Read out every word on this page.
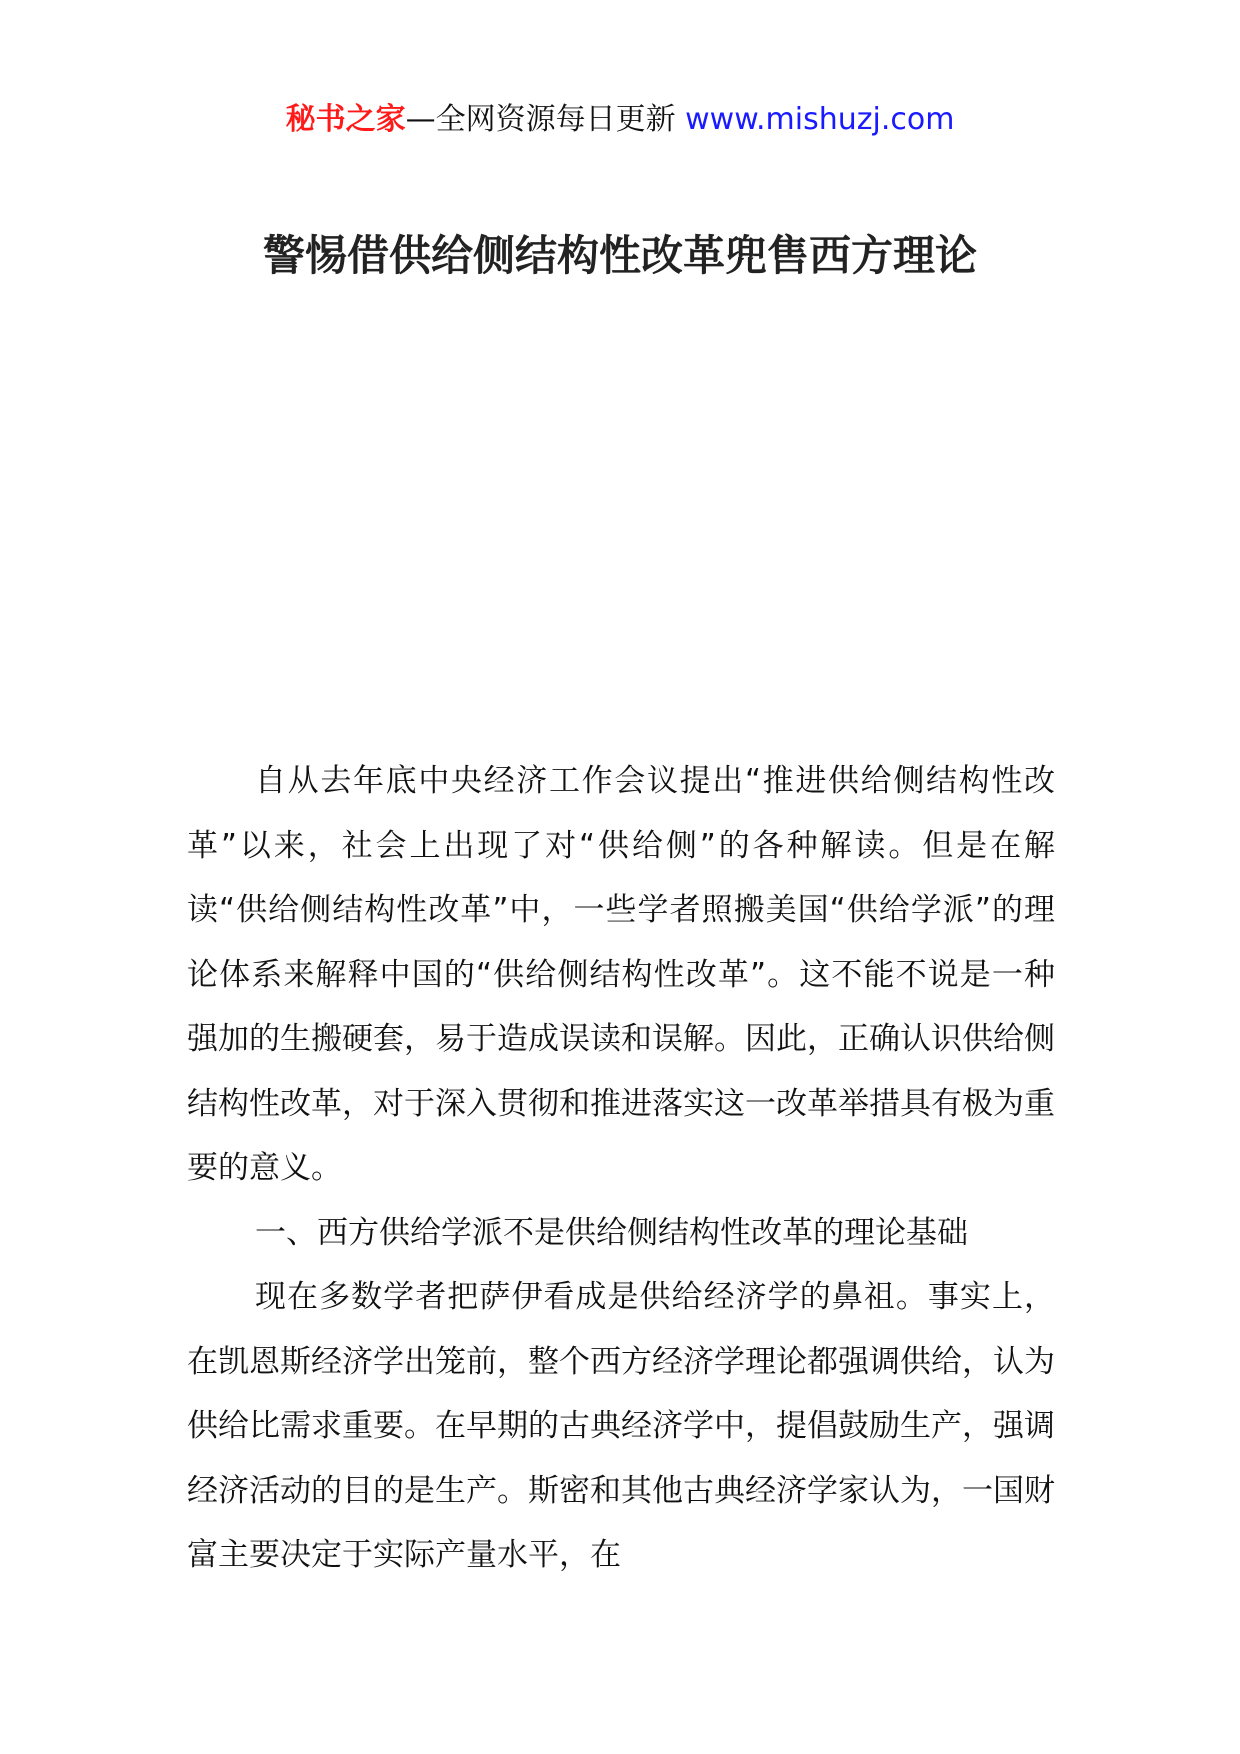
秘书之家—全网资源每日更新 www.mishuzj.com
警惕借供给侧结构性改革兜售西方理论

自从去年底中央经济工作会议提出“推进供给侧结构性改革”以来，社会上出现了对“供给侧”的各种解读。但是在解读“供给侧结构性改革”中，一些学者照搬美国“供给学派”的理论体系来解释中国的“供给侧结构性改革”。这不能不说是一种强加的生搬硬套，易于造成误读和误解。因此，正确认识供给侧结构性改革，对于深入贯彻和推进落实这一改革举措具有极为重要的意义。

一、西方供给学派不是供给侧结构性改革的理论基础

现在多数学者把萨伊看成是供给经济学的鼻祖。事实上，在凯恩斯经济学出笼前，整个西方经济学理论都强调供给，认为供给比需求重要。在早期的古典经济学中，提倡鼓励生产，强调经济活动的目的是生产。斯密和其他古典经济学家认为，一国财富主要决定于实际产量水平，在
